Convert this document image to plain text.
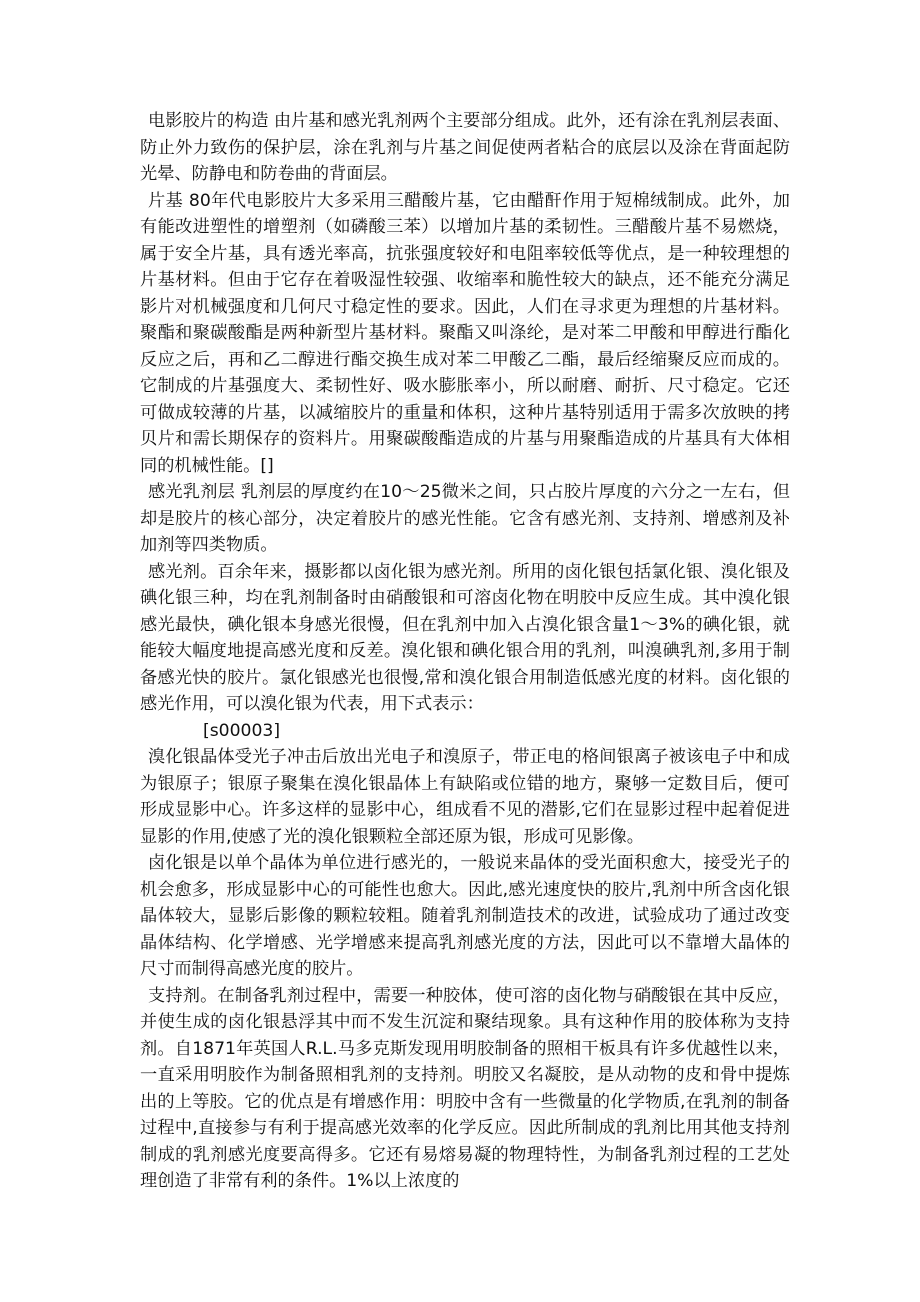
电影胶片的构造 由片基和感光乳剂两个主要部分组成。此外，还有涂在乳剂层表面、防止外力致伤的保护层，涂在乳剂与片基之间促使两者粘合的底层以及涂在背面起防光晕、防静电和防卷曲的背面层。

片基 80年代电影胶片大多采用三醋酸片基，它由醋酐作用于短棉绒制成。此外，加有能改进塑性的增塑剂（如磷酸三苯）以增加片基的柔韧性。三醋酸片基不易燃烧，属于安全片基，具有透光率高，抗张强度较好和电阻率较低等优点，是一种较理想的片基材料。但由于它存在着吸湿性较强、收缩率和脆性较大的缺点，还不能充分满足影片对机械强度和几何尺寸稳定性的要求。因此，人们在寻求更为理想的片基材料。聚酯和聚碳酸酯是两种新型片基材料。聚酯又叫涤纶，是对苯二甲酸和甲醇进行酯化反应之后，再和乙二醇进行酯交换生成对苯二甲酸乙二酯，最后经缩聚反应而成的。它制成的片基强度大、柔韧性好、吸水膨胀率小，所以耐磨、耐折、尺寸稳定。它还可做成较薄的片基，以减缩胶片的重量和体积，这种片基特别适用于需多次放映的拷贝片和需长期保存的资料片。用聚碳酸酯造成的片基与用聚酯造成的片基具有大体相同的机械性能。[]

感光乳剂层 乳剂层的厚度约在10～25微米之间，只占胶片厚度的六分之一左右，但却是胶片的核心部分，决定着胶片的感光性能。它含有感光剂、支持剂、增感剂及补加剂等四类物质。

感光剂。百余年来，摄影都以卤化银为感光剂。所用的卤化银包括氯化银、溴化银及碘化银三种，均在乳剂制备时由硝酸银和可溶卤化物在明胶中反应生成。其中溴化银感光最快，碘化银本身感光很慢，但在乳剂中加入占溴化银含量1～3%的碘化银，就能较大幅度地提高感光度和反差。溴化银和碘化银合用的乳剂，叫溴碘乳剂,多用于制备感光快的胶片。氯化银感光也很慢,常和溴化银合用制造低感光度的材料。卤化银的感光作用，可以溴化银为代表，用下式表示：

[s00003]

溴化银晶体受光子冲击后放出光电子和溴原子，带正电的格间银离子被该电子中和成为银原子；银原子聚集在溴化银晶体上有缺陷或位错的地方，聚够一定数目后，便可形成显影中心。许多这样的显影中心，组成看不见的潜影,它们在显影过程中起着促进显影的作用,使感了光的溴化银颗粒全部还原为银，形成可见影像。

卤化银是以单个晶体为单位进行感光的，一般说来晶体的受光面积愈大，接受光子的机会愈多，形成显影中心的可能性也愈大。因此,感光速度快的胶片,乳剂中所含卤化银晶体较大，显影后影像的颗粒较粗。随着乳剂制造技术的改进，试验成功了通过改变晶体结构、化学增感、光学增感来提高乳剂感光度的方法，因此可以不靠增大晶体的尺寸而制得高感光度的胶片。

支持剂。在制备乳剂过程中，需要一种胶体，使可溶的卤化物与硝酸银在其中反应，并使生成的卤化银悬浮其中而不发生沉淀和聚结现象。具有这种作用的胶体称为支持剂。自1871年英国人R.L.马多克斯发现用明胶制备的照相干板具有许多优越性以来，一直采用明胶作为制备照相乳剂的支持剂。明胶又名凝胶，是从动物的皮和骨中提炼出的上等胶。它的优点是有增感作用：明胶中含有一些微量的化学物质,在乳剂的制备过程中,直接参与有利于提高感光效率的化学反应。因此所制成的乳剂比用其他支持剂制成的乳剂感光度要高得多。它还有易熔易凝的物理特性，为制备乳剂过程的工艺处理创造了非常有利的条件。1%以上浓度的
